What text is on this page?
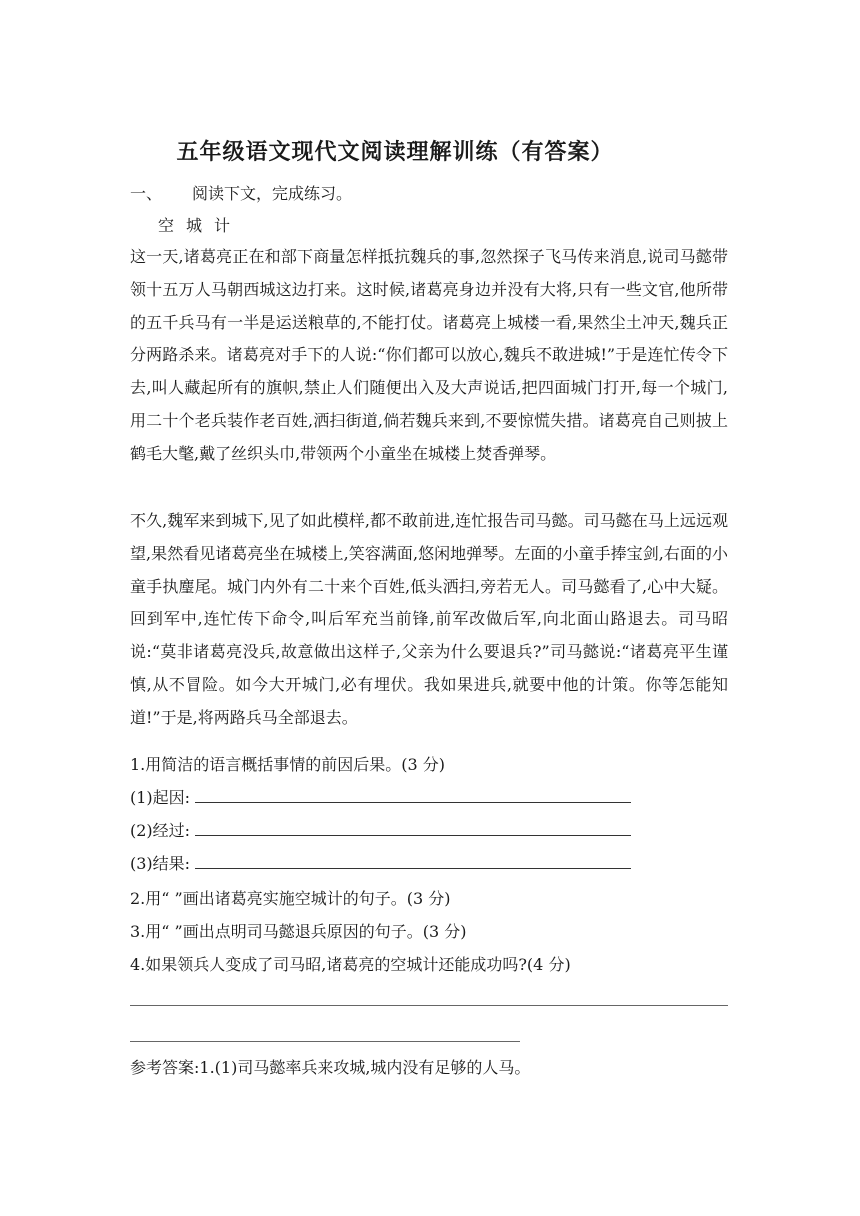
五年级语文现代文阅读理解训练（有答案）
一、 阅读下文，完成练习。
空城计

这一天,诸葛亮正在和部下商量怎样抵抗魏兵的事,忽然探子飞马传来消息,说司马懿带领十五万人马朝西城这边打来。这时候,诸葛亮身边并没有大将,只有一些文官,他所带的五千兵马有一半是运送粮草的,不能打仗。诸葛亮上城楼一看,果然尘土冲天,魏兵正分两路杀来。诸葛亮对手下的人说:“你们都可以放心,魏兵不敢进城!”于是连忙传令下去,叫人藏起所有的旗帜,禁止人们随便出入及大声说话,把四面城门打开,每一个城门,用二十个老兵装作老百姓,洒扫街道,倘若魏兵来到,不要惊慌失措。诸葛亮自己则披上鹤毛大氅,戴了丝织头巾,带领两个小童坐在城楼上焚香弹琴。

不久,魏军来到城下,见了如此模样,都不敢前进,连忙报告司马懿。司马懿在马上远远观望,果然看见诸葛亮坐在城楼上,笑容满面,悠闲地弹琴。左面的小童手捧宝剑,右面的小童手执麈尾。城门内外有二十来个百姓,低头洒扫,旁若无人。司马懿看了,心中大疑。回到军中,连忙传下命令,叫后军充当前锋,前军改做后军,向北面山路退去。司马昭说:“莫非诸葛亮没兵,故意做出这样子,父亲为什么要退兵?”司马懿说:“诸葛亮平生谨慎,从不冒险。如今大开城门,必有埋伏。我如果进兵,就要中他的计策。你等怎能知道!”于是,将两路兵马全部退去。

1.用简洁的语言概括事情的前因后果。(3 分)
(1)起因:
(2)经过:
(3)结果:
2.用“ ”画出诸葛亮实施空城计的句子。(3 分)
3.用“ ”画出点明司马懿退兵原因的句子。(3 分)
4.如果领兵人变成了司马昭,诸葛亮的空城计还能成功吗?(4 分)
参考答案:1.(1)司马懿率兵来攻城,城内没有足够的人马。
